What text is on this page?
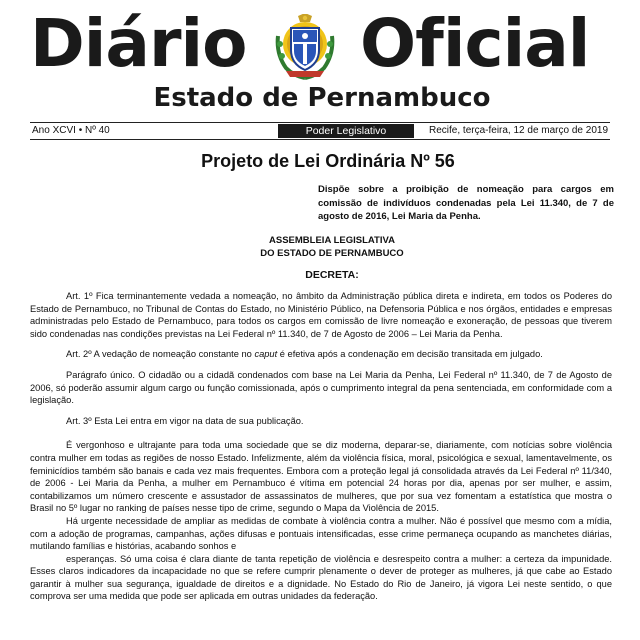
Diário Oficial
Estado de Pernambuco
Ano XCVI • Nº 40	Poder Legislativo	Recife, terça-feira, 12 de março de 2019
Projeto de Lei Ordinária Nº 56
Dispõe sobre a proibição de nomeação para cargos em comissão de indivíduos condenadas pela Lei 11.340, de 7 de agosto de 2016, Lei Maria da Penha.
ASSEMBLEIA LEGISLATIVA
DO ESTADO DE PERNAMBUCO
DECRETA:

Art. 1º Fica terminantemente vedada a nomeação, no âmbito da Administração pública direta e indireta, em todos os Poderes do Estado de Pernambuco, no Tribunal de Contas do Estado, no Ministério Público, na Defensoria Pública e nos órgãos, entidades e empresas administradas pelo Estado de Pernambuco, para todos os cargos em comissão de livre nomeação e exoneração, de pessoas que tiverem sido condenadas nas condições previstas na Lei Federal nº 11.340, de 7 de Agosto de 2006 – Lei Maria da Penha.

Art. 2º A vedação de nomeação constante no caput é efetiva após a condenação em decisão transitada em julgado.

Parágrafo único. O cidadão ou a cidadã condenados com base na Lei Maria da Penha, Lei Federal nº 11.340, de 7 de Agosto de 2006, só poderão assumir algum cargo ou função comissionada, após o cumprimento integral da pena sentenciada, em conformidade com a legislação.

Art. 3º Esta Lei entra em vigor na data de sua publicação.

É vergonhoso e ultrajante para toda uma sociedade que se diz moderna, deparar-se, diariamente, com notícias sobre violência contra mulher em todas as regiões de nosso Estado. Infelizmente, além da violência física, moral, psicológica e sexual, lamentavelmente, os feminicídios também são banais e cada vez mais frequentes. Embora com a proteção legal já consolidada através da Lei Federal nº 11/340, de 2006 - Lei Maria da Penha, a mulher em Pernambuco é vítima em potencial 24 horas por dia, apenas por ser mulher, e assim, contabilizamos um número crescente e assustador de assassinatos de mulheres, que por sua vez fomentam a estatística que mostra o Brasil no 5º lugar no ranking de países nesse tipo de crime, segundo o Mapa da Violência de 2015.

Há urgente necessidade de ampliar as medidas de combate à violência contra a mulher. Não é possível que mesmo com a mídia, com a adoção de programas, campanhas, ações difusas e pontuais intensificadas, esse crime permaneça ocupando as manchetes diárias, mutilando famílias e histórias, acabando sonhos e

esperanças. Só uma coisa é clara diante de tanta repetição de violência e desrespeito contra a mulher: a certeza da impunidade. Esses claros indicadores da incapacidade no que se refere cumprir plenamente o dever de proteger as mulheres, já que cabe ao Estado garantir à mulher sua segurança, igualdade de direitos e a dignidade. No Estado do Rio de Janeiro, já vigora Lei neste sentido, o que comprova ser uma medida que pode ser aplicada em outras unidades da federação.
